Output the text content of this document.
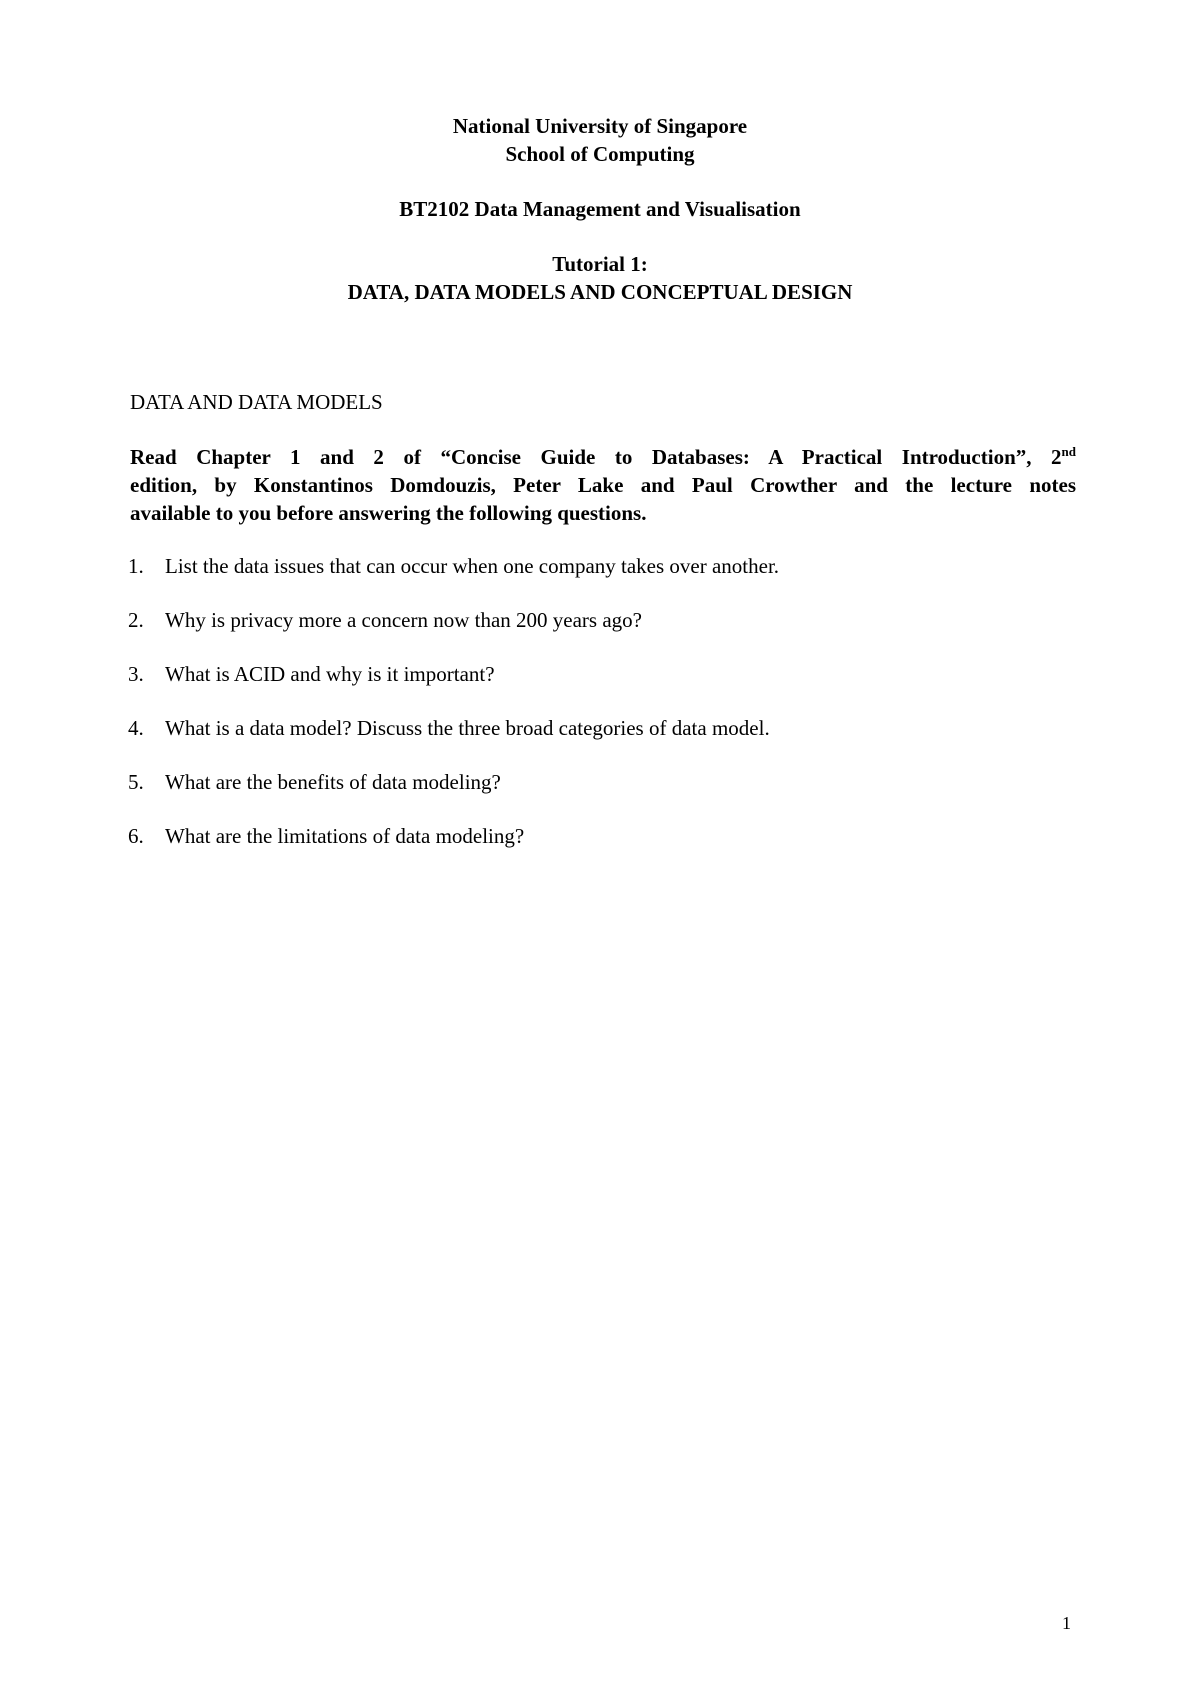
National University of Singapore
School of Computing
BT2102 Data Management and Visualisation
Tutorial 1:
DATA, DATA MODELS AND CONCEPTUAL DESIGN
DATA AND DATA MODELS
Read Chapter 1 and 2 of “Concise Guide to Databases: A Practical Introduction”, 2nd
edition, by Konstantinos Domdouzis, Peter Lake and Paul Crowther and the lecture notes
available to you before answering the following questions.
1.	List the data issues that can occur when one company takes over another.
2.	Why is privacy more a concern now than 200 years ago?
3.	What is ACID and why is it important?
4.	What is a data model? Discuss the three broad categories of data model.
5.	What are the benefits of data modeling?
6.	What are the limitations of data modeling?
1
